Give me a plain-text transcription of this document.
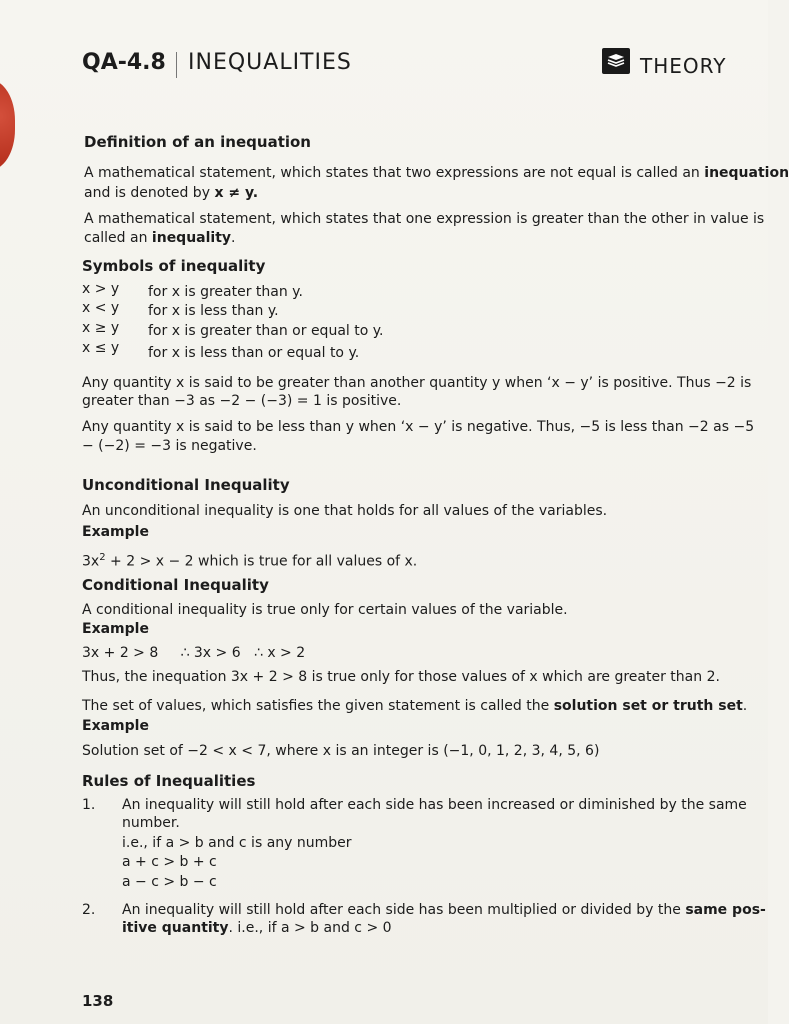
QA-4.8 INEQUALITIES	THEORY
Definition of an inequation
A mathematical statement, which states that two expressions are not equal is called an inequation
and is denoted by x ≠ y.
A mathematical statement, which states that one expression is greater than the other in value is
called an inequality.
Symbols of inequality
x > y for x is greater than y.
x < y for x is less than y.
x ≥ y for x is greater than or equal to y.
x ≤ y for x is less than or equal to y.
Any quantity x is said to be greater than another quantity y when ‘x − y’ is positive. Thus −2 is
greater than −3 as −2 − (−3) = 1 is positive.
Any quantity x is said to be less than y when ‘x − y’ is negative. Thus, −5 is less than −2 as −5
− (−2) = −3 is negative.
Unconditional Inequality
An unconditional inequality is one that holds for all values of the variables.
Example
$3x^2 + 2 > x - 2$ which is true for all values of x.
Conditional Inequality
A conditional inequality is true only for certain values of the variable.
Example
3x + 2 > 8     ∴ 3x > 6   ∴ x > 2
Thus, the inequation 3x + 2 > 8 is true only for those values of x which are greater than 2.
The set of values, which satisfies the given statement is called the solution set or truth set.
Example
Solution set of −2 < x < 7, where x is an integer is (−1, 0, 1, 2, 3, 4, 5, 6)
Rules of Inequalities
1. An inequality will still hold after each side has been increased or diminished by the same
number.
i.e., if a > b and c is any number
a + c > b + c
a − c > b − c
2. An inequality will still hold after each side has been multiplied or divided by the same pos-
itive quantity. i.e., if a > b and c > 0
138
